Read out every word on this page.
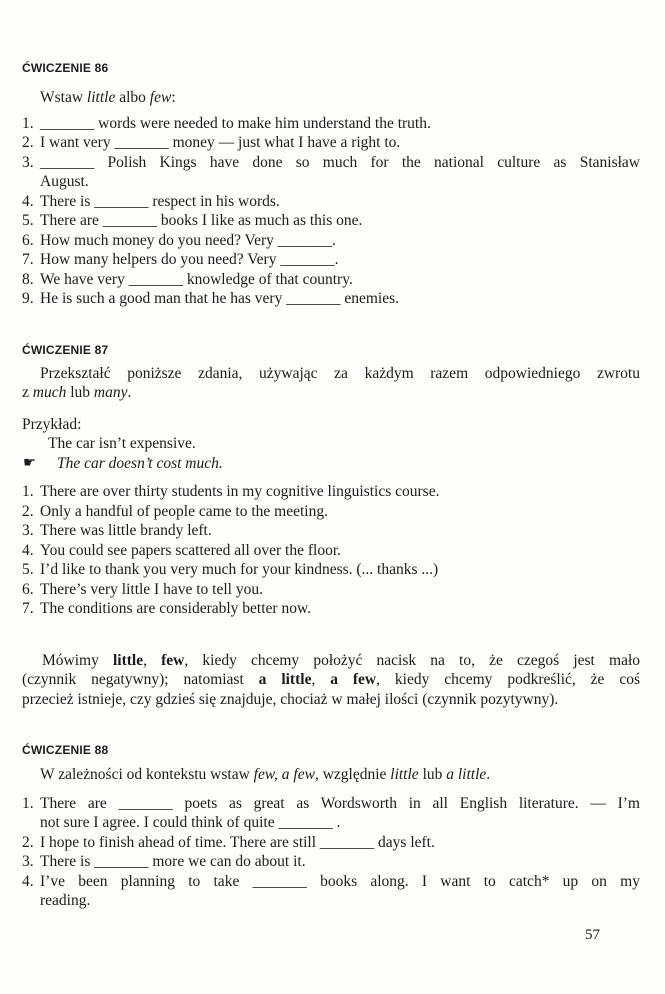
ĆWICZENIE 86

Wstaw little albo few:

1. _______ words were needed to make him understand the truth.
2. I want very _______ money — just what I have a right to.
3. _______ Polish Kings have done so much for the national culture as Stanisław
August.
4. There is _______ respect in his words.
5. There are _______ books I like as much as this one.
6. How much money do you need? Very _______.
7. How many helpers do you need? Very _______.
8. We have very _______ knowledge of that country.
9. He is such a good man that he has very _______ enemies.
ĆWICZENIE 87
Przekształć poniższe zdania, używając za każdym razem odpowiedniego zwrotu
z much lub many.
Przykład:
The car isn’t expensive.
☛	The car doesn’t cost much.
1. There are over thirty students in my cognitive linguistics course.
2. Only a handful of people came to the meeting.
3. There was little brandy left.
4. You could see papers scattered all over the floor.
5. I’d like to thank you very much for your kindness. (... thanks ...)
6. There’s very little I have to tell you.
7. The conditions are considerably better now.
Mówimy little, few, kiedy chcemy położyć nacisk na to, że czegoś jest mało
(czynnik negatywny); natomiast a little, a few, kiedy chcemy podkreślić, że coś
przecież istnieje, czy gdzieś się znajduje, chociaż w małej ilości (czynnik pozytywny).
ĆWICZENIE 88

W zależności od kontekstu wstaw few, a few, względnie little lub a little.

1. There are _______ poets as great as Wordsworth in all English literature. — I’m
not sure I agree. I could think of quite _______ .
2. I hope to finish ahead of time. There are still _______ days left.
3. There is _______ more we can do about it.
4. I’ve been planning to take _______ books along. I want to catch* up on my
reading.
57
